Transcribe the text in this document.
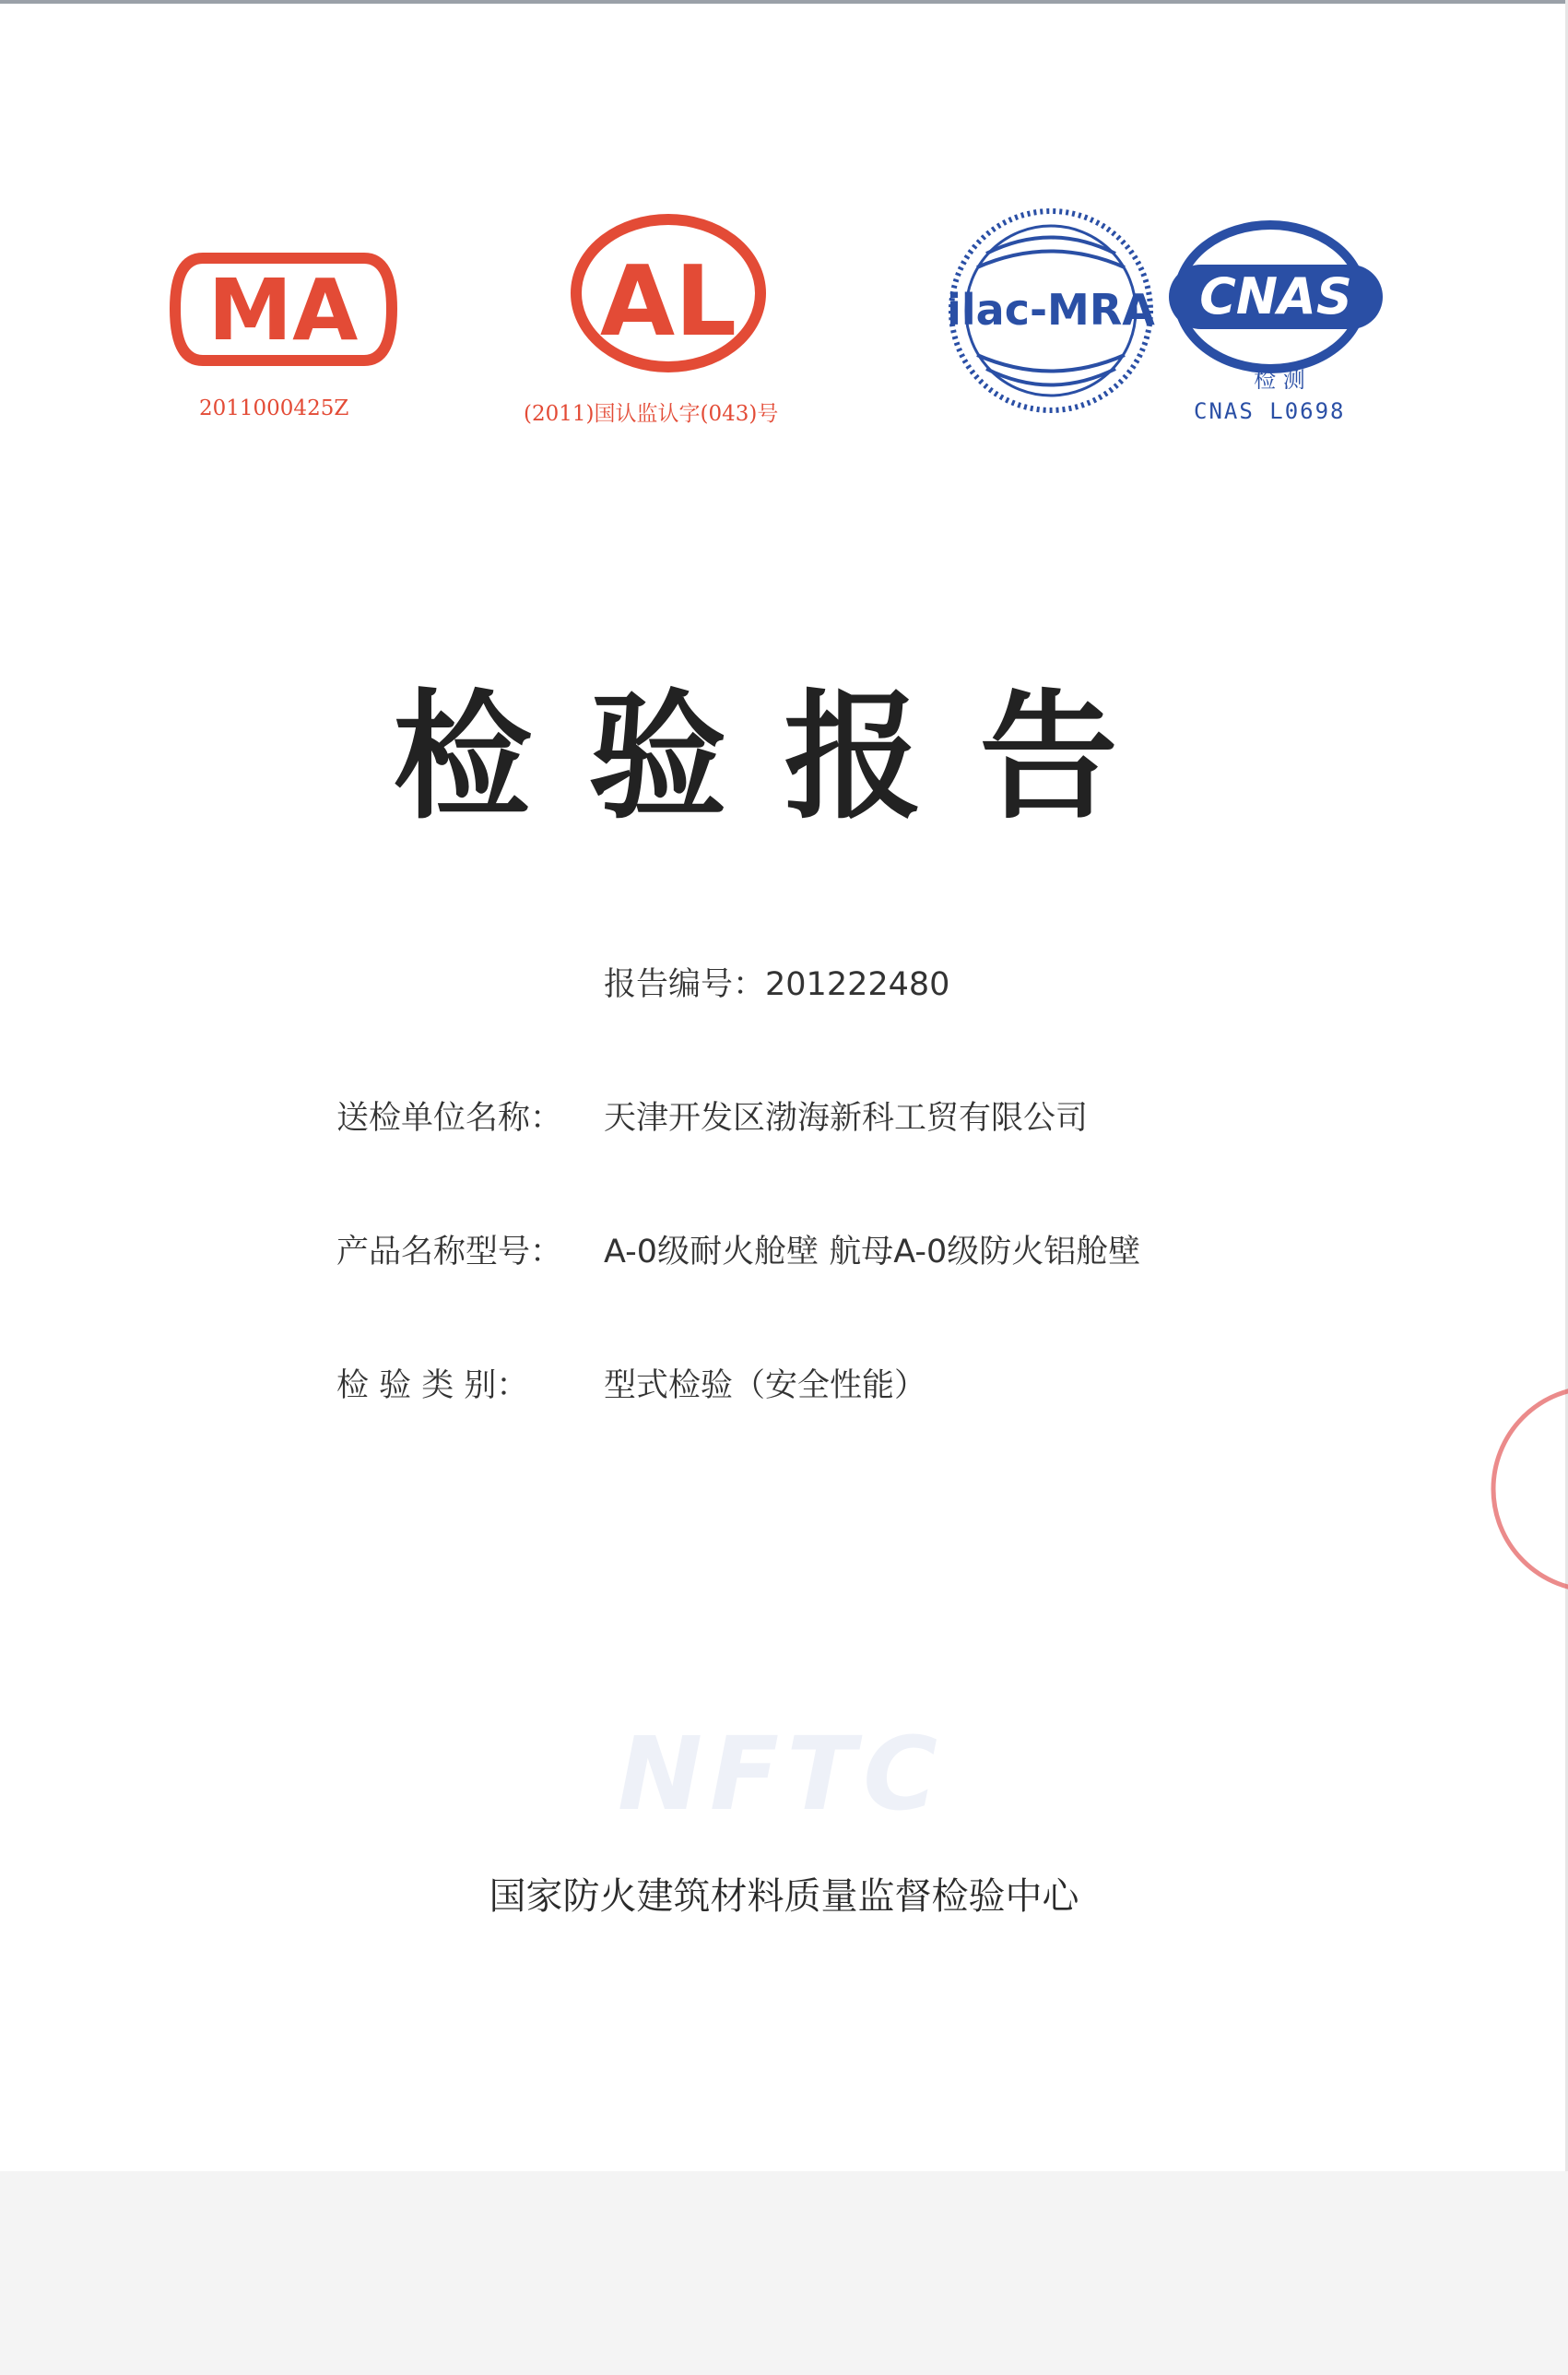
MA
2011000425Z
AL
(2011)国认监认字(043)号
ilac-MRA CNAS
检 测
CNAS L0698
检验报告
报告编号：201222480
送检单位名称： 天津开发区渤海新科工贸有限公司
产品名称型号： A-0级耐火舱壁 航母A-0级防火铝舱壁
检 验 类 别： 型式检验（安全性能）
NFTC
国家防火建筑材料质量监督检验中心
